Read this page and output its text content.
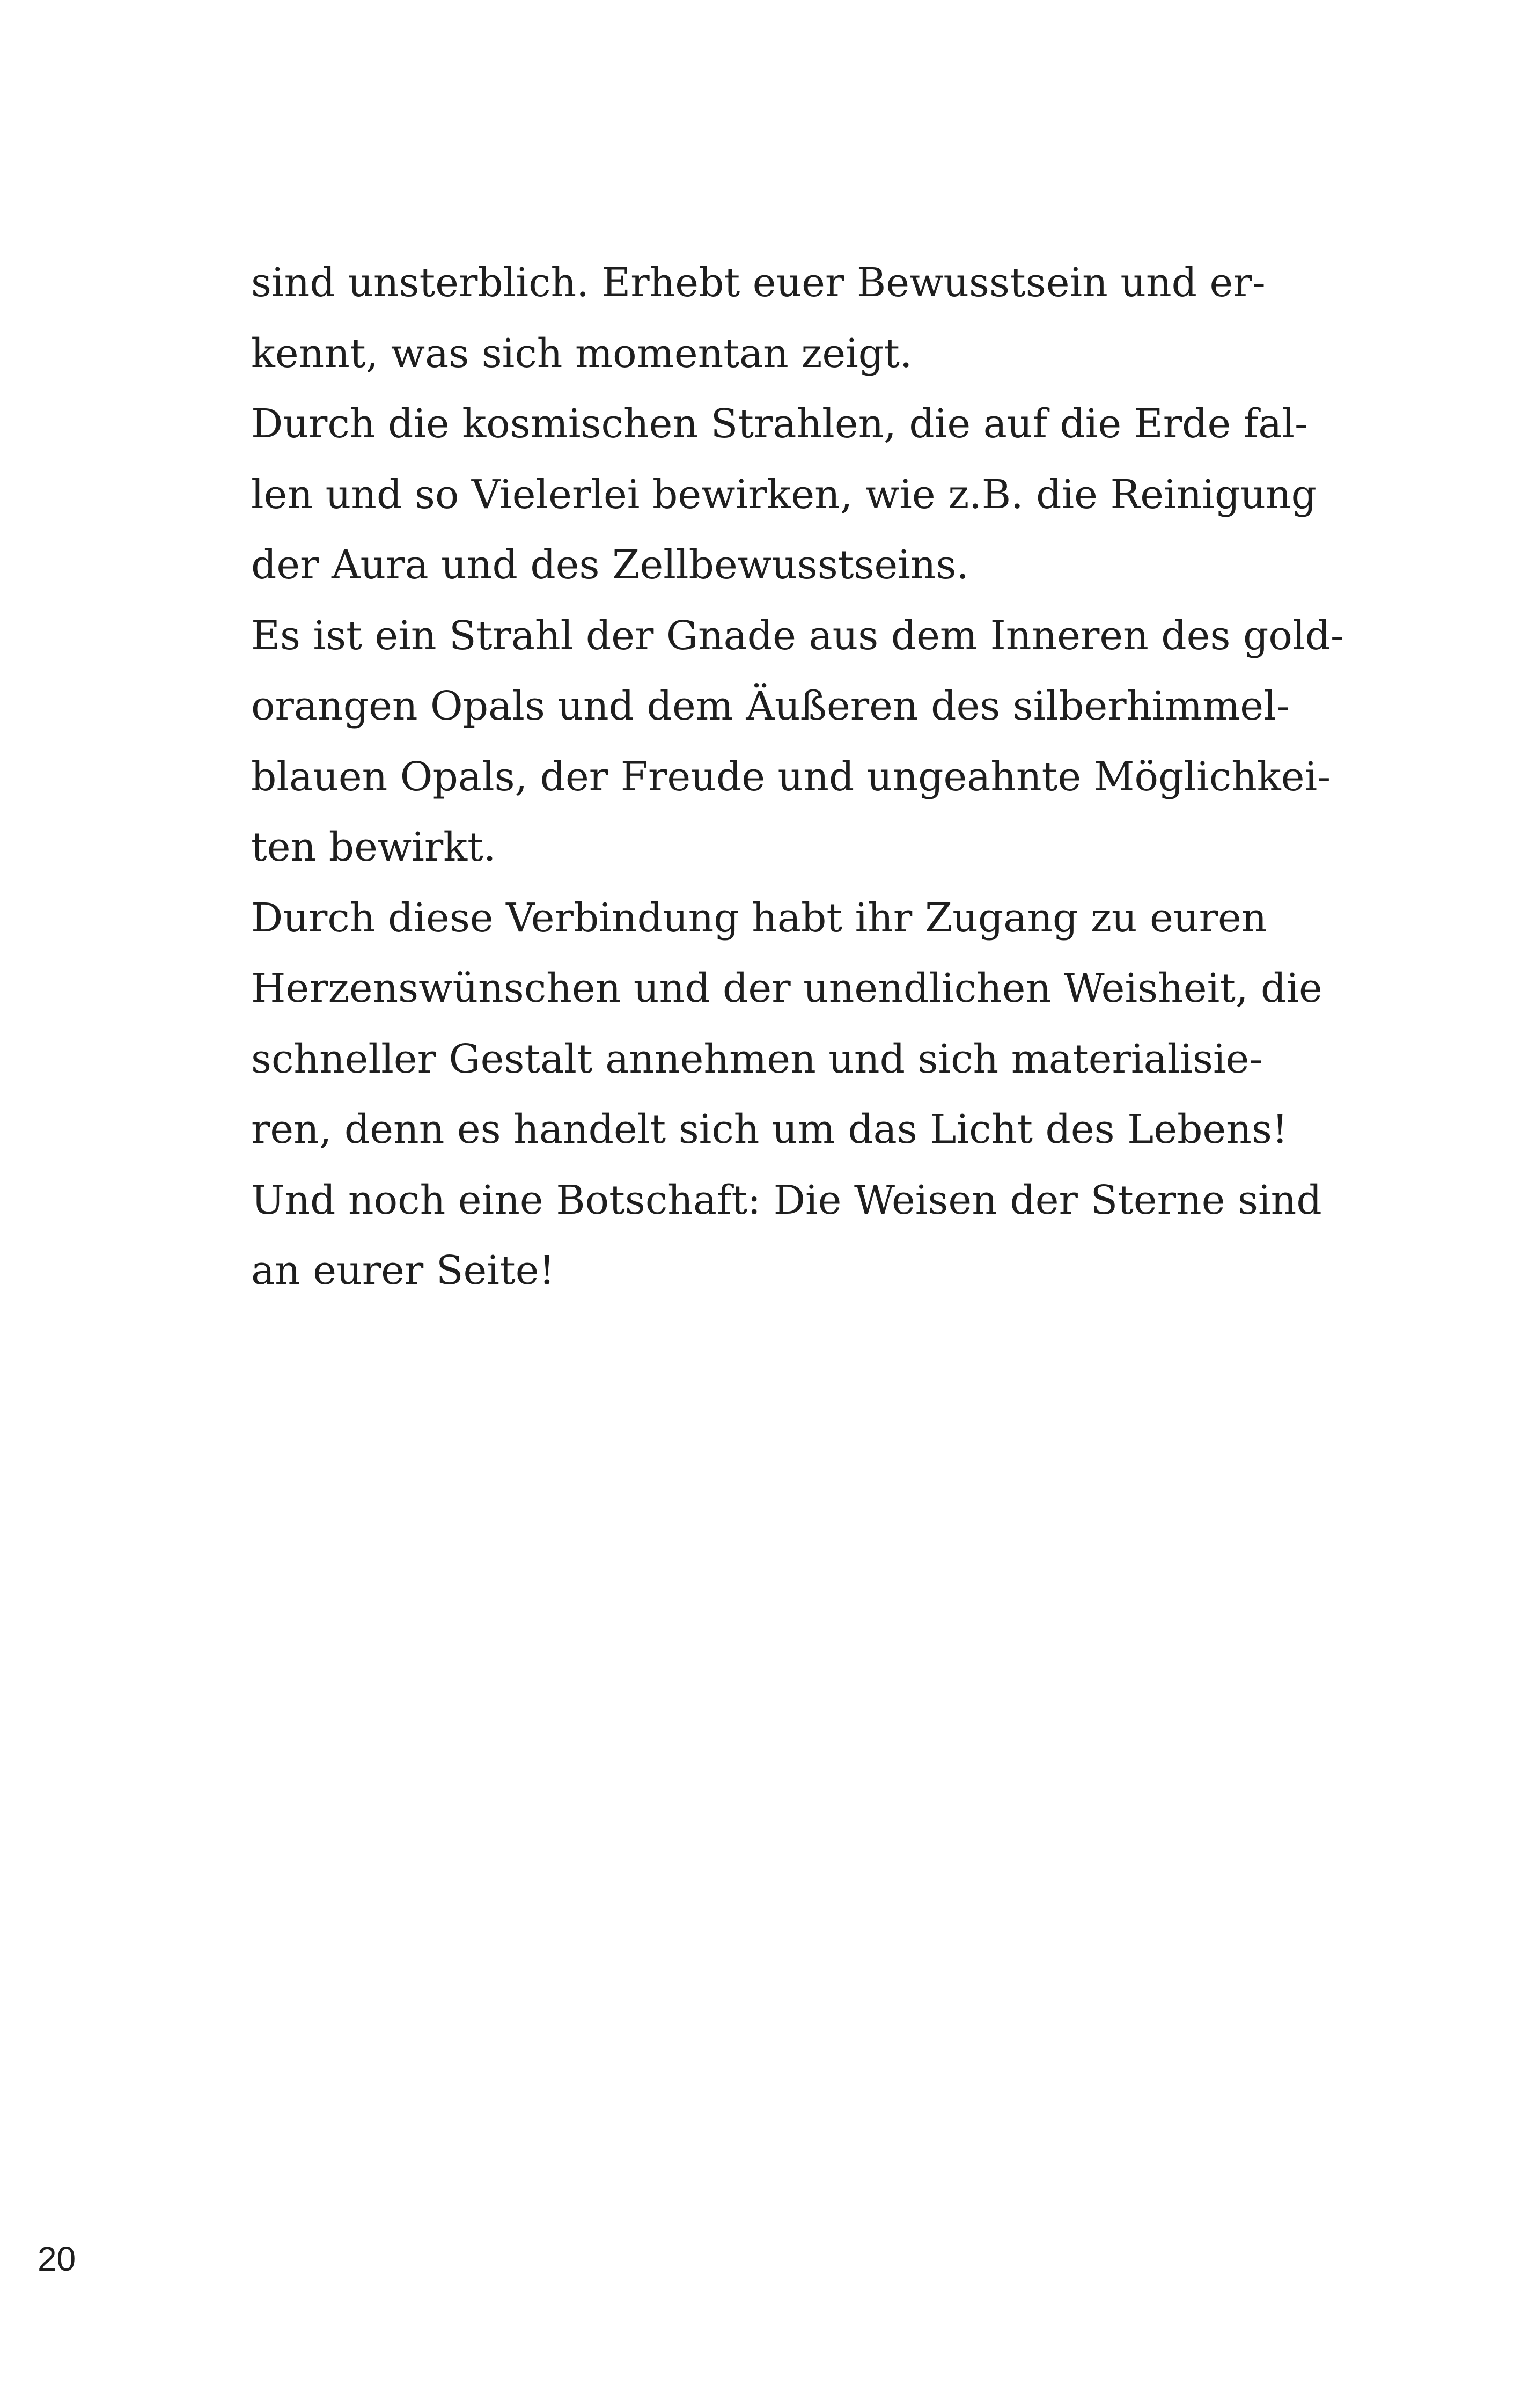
sind unsterblich. Erhebt euer Bewusstsein und er-
kennt, was sich momentan zeigt.
Durch die kosmischen Strahlen, die auf die Erde fal-
len und so Vielerlei bewirken, wie z.B. die Reinigung
der Aura und des Zellbewusstseins.
Es ist ein Strahl der Gnade aus dem Inneren des gold-
orangen Opals und dem Äußeren des silberhimmel-
blauen Opals, der Freude und ungeahnte Möglichkei-
ten bewirkt.
Durch diese Verbindung habt ihr Zugang zu euren
Herzenswünschen und der unendlichen Weisheit, die
schneller Gestalt annehmen und sich materialisie-
ren, denn es handelt sich um das Licht des Lebens!
Und noch eine Botschaft: Die Weisen der Sterne sind
an eurer Seite!
20
